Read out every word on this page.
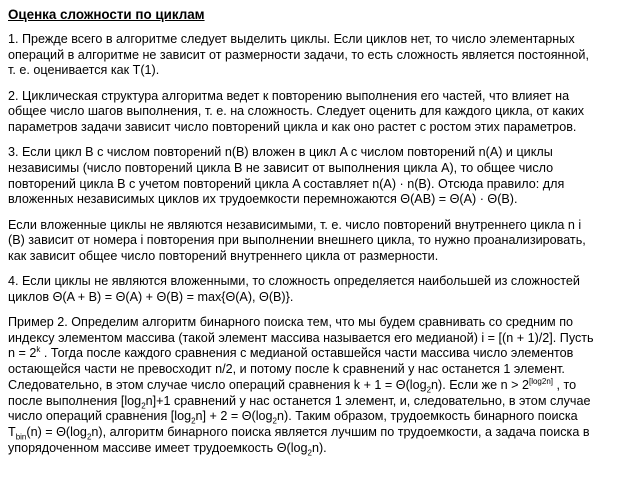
Оценка сложности по циклам
1. Прежде всего в алгоритме следует выделить циклы. Если циклов нет, то число элементарных
операций в алгоритме не зависит от размерности задачи, то есть сложность является постоянной,
т. е. оценивается как T(1).
2. Циклическая структура алгоритма ведет к повторению выполнения его частей, что влияет на
общее число шагов выполнения, т. е. на сложность. Следует оценить для каждого цикла, от каких
параметров задачи зависит число повторений цикла и как оно растет с ростом этих параметров.
3. Если цикл B с числом повторений n(B) вложен в цикл A с числом повторений n(A) и циклы
независимы (число повторений цикла B не зависит от выполнения цикла A), то общее число
повторений цикла B с учетом повторений цикла A составляет n(A) · n(B). Отсюда правило: для
вложенных независимых циклов их трудоемкости перемножаются Θ(AB) = Θ(A) · Θ(B).
Если вложенные циклы не являются независимыми, т. е. число повторений внутреннего цикла n i
(B) зависит от номера i повторения при выполнении внешнего цикла, то нужно проанализировать,
как зависит общее число повторений внутреннего цикла от размерности.
4. Если циклы не являются вложенными, то сложность определяется наибольшей из сложностей
циклов Θ(A + B) = Θ(A) + Θ(B) = max{Θ(A), Θ(B)}.
Пример 2. Определим алгоритм бинарного поиска тем, что мы будем сравнивать со средним по
индексу элементом массива (такой элемент массива называется его медианой) i = [(n + 1)/2]. Пусть
$n = 2^k$ . Тогда после каждого сравнения с медианой оставшейся части массива число элементов
остающейся части не превосходит n/2, и потому после k сравнений у нас останется 1 элемент.
Следовательно, в этом случае число операций сравнения $k + 1 = \Theta(\log_2n)$. Если же n > 2[log2n] , то
после выполнения $[\log_2n]+1$ сравнений у нас останется 1 элемент, и, следовательно, в этом случае
число операций сравнения $[\log_2n] + 2 = \Theta(\log_2n)$. Таким образом, трудоемкость бинарного поиска
$T_{bin}(n) = \Theta(\log_2n)$, алгоритм бинарного поиска является лучшим по трудоемкости, а задача поиска в
упорядоченном массиве имеет трудоемкость $\Theta(\log_2n)$.
